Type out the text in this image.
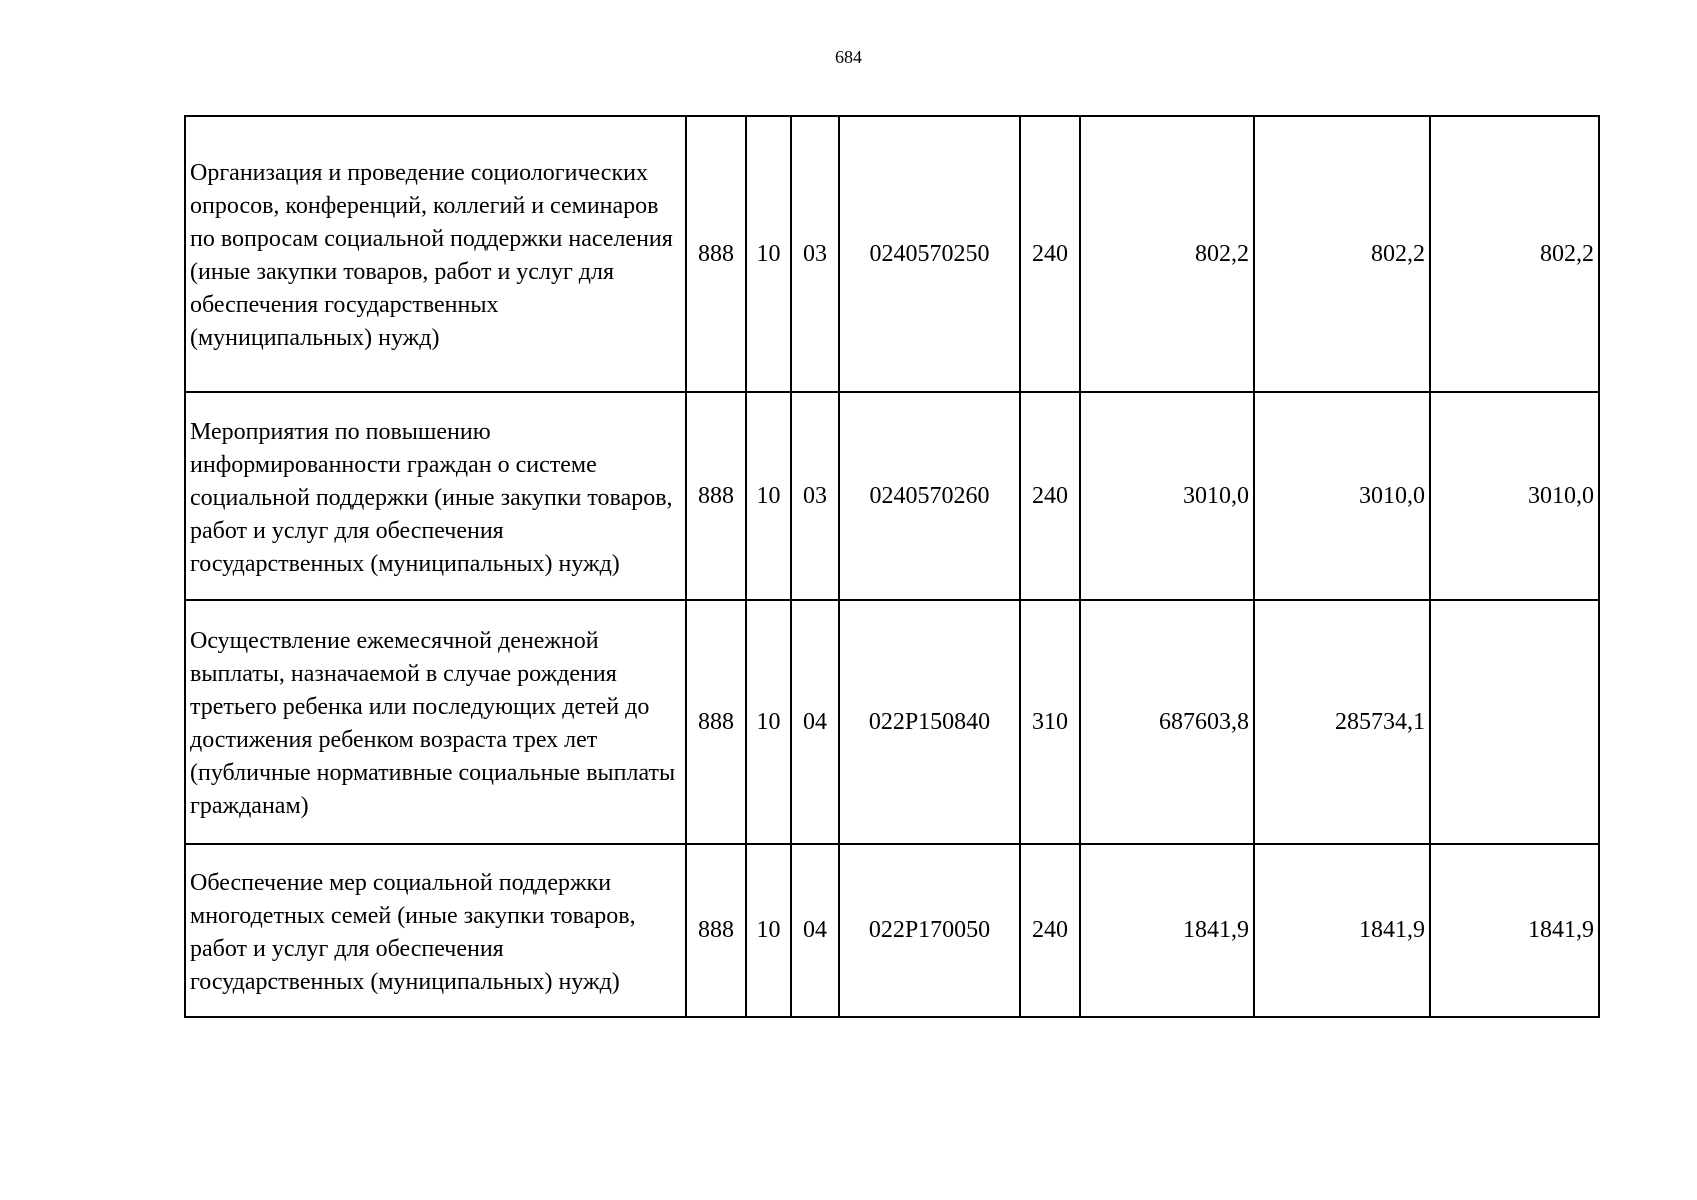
684
Организация и проведение социологических опросов, конференций, коллегий и семинаров по вопросам социальной поддержки населения (иные закупки товаров, работ и услуг для обеспечения государственных (муниципальных) нужд)	888	10	03	0240570250	240	802,2	802,2	802,2
Мероприятия по повышению информированности граждан о системе социальной поддержки (иные закупки товаров, работ и услуг для обеспечения государственных (муниципальных) нужд)	888	10	03	0240570260	240	3010,0	3010,0	3010,0
Осуществление ежемесячной денежной выплаты, назначаемой в случае рождения третьего ребенка или последующих детей до достижения ребенком возраста трех лет (публичные нормативные социальные выплаты гражданам)	888	10	04	022Р150840	310	687603,8	285734,1	
Обеспечение мер социальной поддержки многодетных семей (иные закупки товаров, работ и услуг для обеспечения государственных (муниципальных) нужд)	888	10	04	022Р170050	240	1841,9	1841,9	1841,9
